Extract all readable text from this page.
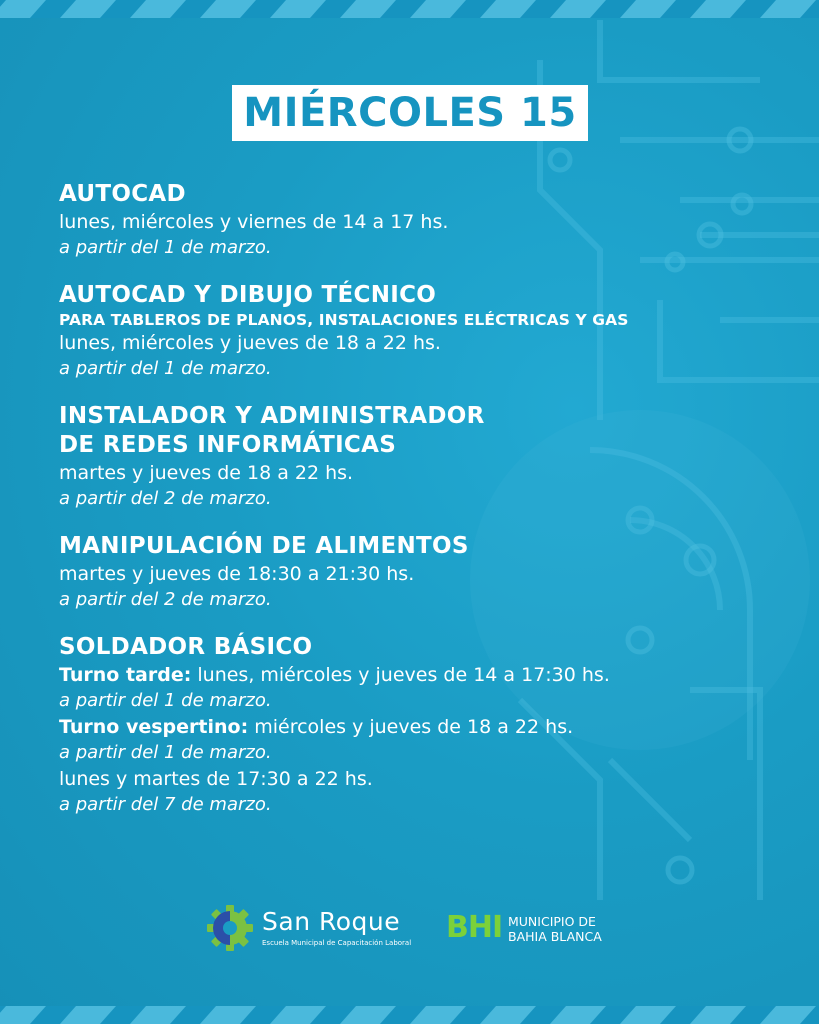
MIÉRCOLES 15
AUTOCAD
lunes, miércoles y viernes de 14 a 17 hs.
a partir del 1 de marzo.
AUTOCAD Y DIBUJO TÉCNICO
PARA TABLEROS DE PLANOS, INSTALACIONES ELÉCTRICAS Y GAS
lunes, miércoles y jueves de 18 a 22 hs.
a partir del 1 de marzo.
INSTALADOR Y ADMINISTRADOR
DE REDES INFORMÁTICAS
martes y jueves de 18 a 22 hs.
a partir del 2 de marzo.
MANIPULACIÓN DE ALIMENTOS
martes y jueves de 18:30 a 21:30 hs.
a partir del 2 de marzo.
SOLDADOR BÁSICO
Turno tarde: lunes, miércoles y jueves de 14 a 17:30 hs.
a partir del 1 de marzo.
Turno vespertino: miércoles y jueves de 18 a 22 hs.
a partir del 1 de marzo.
lunes y martes de 17:30 a 22 hs.
a partir del 7 de marzo.
San Roque
Escuela Municipal de Capacitación Laboral BHI MUNICIPIO DE
BAHIA BLANCA
